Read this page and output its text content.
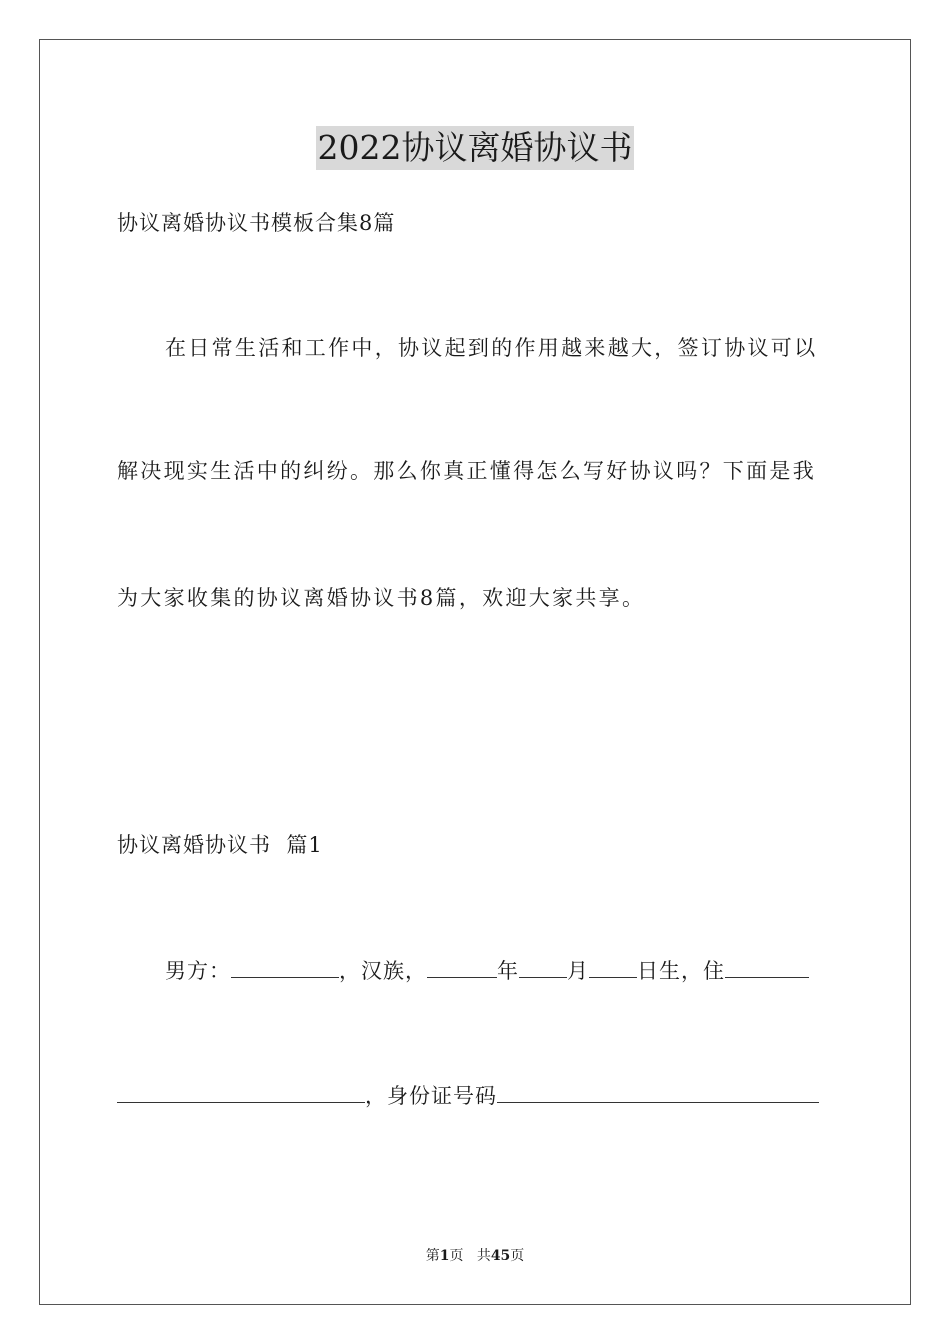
2022协议离婚协议书
协议离婚协议书模板合集8篇
在日常生活和工作中，协议起到的作用越来越大，签订协议可以
解决现实生活中的纠纷。那么你真正懂得怎么写好协议吗？下面是我
为大家收集的协议离婚协议书8篇，欢迎大家共享。
协议离婚协议书  篇1
男方：	，汉族，	年 月 日生，住
，身份证号码
第1页 共45页
